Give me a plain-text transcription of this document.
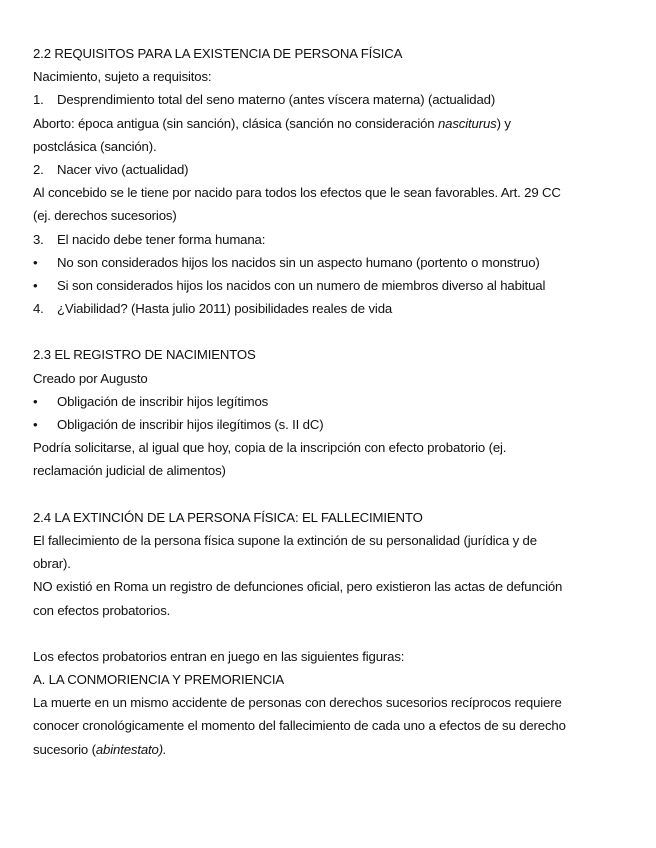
2.2 REQUISITOS PARA LA EXISTENCIA DE PERSONA FÍSICA
Nacimiento, sujeto a requisitos:
1. Desprendimiento total del seno materno (antes víscera materna) (actualidad)
Aborto: época antigua (sin sanción), clásica (sanción no consideración nasciturus) y
postclásica (sanción).
2. Nacer vivo (actualidad)
Al concebido se le tiene por nacido para todos los efectos que le sean favorables. Art. 29 CC
(ej. derechos sucesorios)
3. El nacido debe tener forma humana:
• No son considerados hijos los nacidos sin un aspecto humano (portento o monstruo)
• Si son considerados hijos los nacidos con un numero de miembros diverso al habitual
4. ¿Viabilidad? (Hasta julio 2011) posibilidades reales de vida
2.3 EL REGISTRO DE NACIMIENTOS
Creado por Augusto
• Obligación de inscribir hijos legítimos
• Obligación de inscribir hijos ilegítimos (s. II dC)
Podría solicitarse, al igual que hoy, copia de la inscripción con efecto probatorio (ej.
reclamación judicial de alimentos)
2.4 LA EXTINCIÓN DE LA PERSONA FÍSICA: EL FALLECIMIENTO
El fallecimiento de la persona física supone la extinción de su personalidad (jurídica y de
obrar).
NO existió en Roma un registro de defunciones oficial, pero existieron las actas de defunción
con efectos probatorios.
Los efectos probatorios entran en juego en las siguientes figuras:
A. LA CONMORIENCIA Y PREMORIENCIA
La muerte en un mismo accidente de personas con derechos sucesorios recíprocos requiere
conocer cronológicamente el momento del fallecimiento de cada uno a efectos de su derecho
sucesorio (abintestato).
